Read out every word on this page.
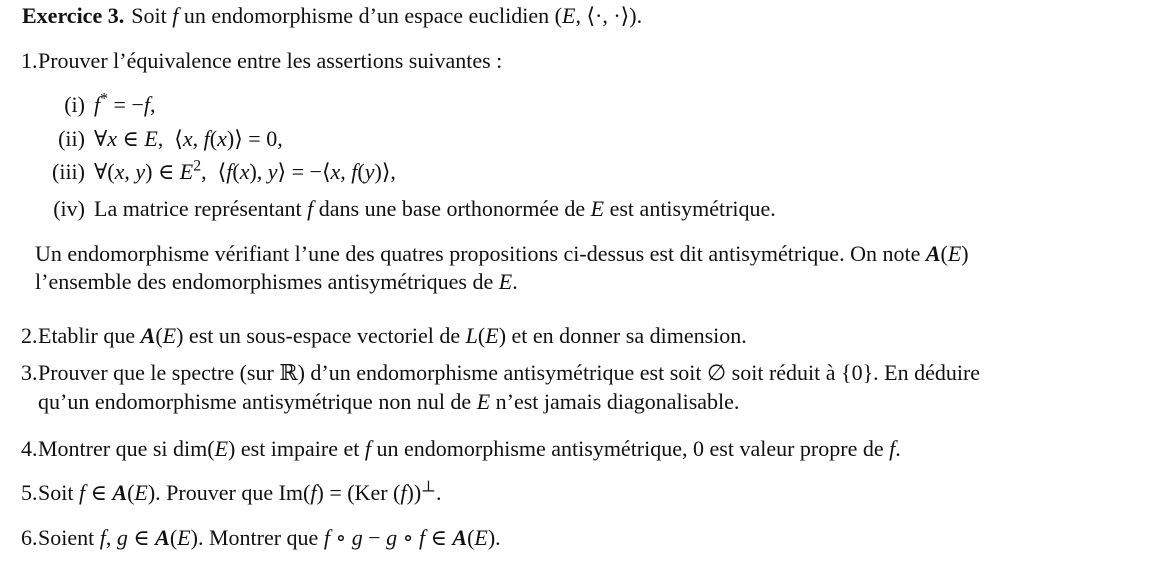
Exercice 3. Soit f un endomorphisme d’un espace euclidien (E, ⟨·, ·⟩).
1. Prouver l’équivalence entre les assertions suivantes :
(i) f* = −f,
(ii) ∀x ∈ E,  ⟨x, f(x)⟩ = 0,
(iii) ∀(x, y) ∈ $E^2$,  ⟨f(x), y⟩ = −⟨x, f(y)⟩,
(iv) La matrice représentant f dans une base orthonormée de E est antisymétrique.
Un endomorphisme vérifiant l’une des quatres propositions ci-dessus est dit antisymétrique. On note A(E)
l’ensemble des endomorphismes antisymétriques de E.
2. Etablir que A(E) est un sous-espace vectoriel de L(E) et en donner sa dimension.
3. Prouver que le spectre (sur ℝ) d’un endomorphisme antisymétrique est soit ∅ soit réduit à {0}. En déduire
qu’un endomorphisme antisymétrique non nul de E n’est jamais diagonalisable.
4. Montrer que si dim(E) est impaire et f un endomorphisme antisymétrique, 0 est valeur propre de f.
5. Soit f ∈ A(E). Prouver que Im(f) = (Ker (f))⊥.
6. Soient f, g ∈ A(E). Montrer que f ∘ g − g ∘ f ∈ A(E).
